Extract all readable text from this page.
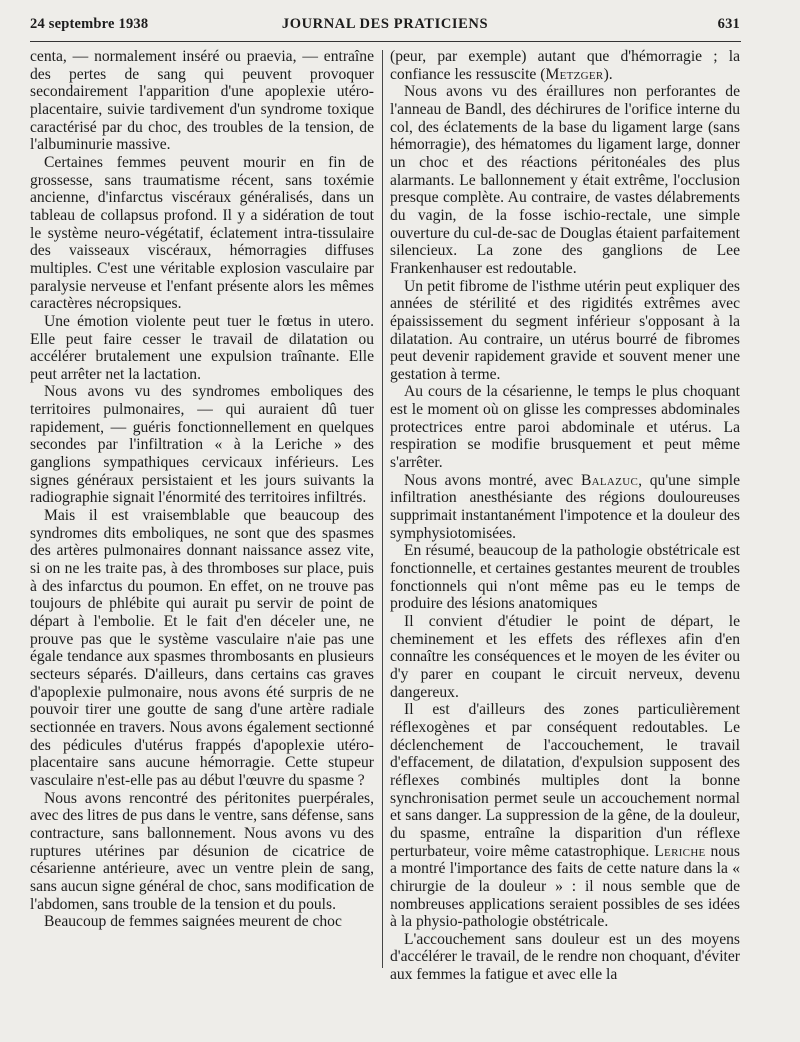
24 septembre 1938	JOURNAL DES PRATICIENS	631

centa, — normalement inséré ou praevia, — entraîne des pertes de sang qui peuvent provoquer secondairement l'apparition d'une apoplexie utéro-placentaire, suivie tardivement d'un syndrome toxique caractérisé par du choc, des troubles de la tension, de l'albuminurie massive.

Certaines femmes peuvent mourir en fin de grossesse, sans traumatisme récent, sans toxémie ancienne, d'infarctus viscéraux généralisés, dans un tableau de collapsus profond. Il y a sidération de tout le système neuro-végétatif, éclatement intra-tissulaire des vaisseaux viscéraux, hémorragies diffuses multiples. C'est une véritable explosion vasculaire par paralysie nerveuse et l'enfant présente alors les mêmes caractères nécropsiques.

Une émotion violente peut tuer le fœtus in utero. Elle peut faire cesser le travail de dilatation ou accélérer brutalement une expulsion traînante. Elle peut arrêter net la lactation.

Nous avons vu des syndromes emboliques des territoires pulmonaires, — qui auraient dû tuer rapidement, — guéris fonctionnellement en quelques secondes par l'infiltration « à la Leriche » des ganglions sympathiques cervicaux inférieurs. Les signes généraux persistaient et les jours suivants la radiographie signait l'énormité des territoires infiltrés.

Mais il est vraisemblable que beaucoup des syndromes dits emboliques, ne sont que des spasmes des artères pulmonaires donnant naissance assez vite, si on ne les traite pas, à des thromboses sur place, puis à des infarctus du poumon. En effet, on ne trouve pas toujours de phlébite qui aurait pu servir de point de départ à l'embolie. Et le fait d'en déceler une, ne prouve pas que le système vasculaire n'aie pas une égale tendance aux spasmes thrombosants en plusieurs secteurs séparés. D'ailleurs, dans certains cas graves d'apoplexie pulmonaire, nous avons été surpris de ne pouvoir tirer une goutte de sang d'une artère radiale sectionnée en travers. Nous avons également sectionné des pédicules d'utérus frappés d'apoplexie utéro-placentaire sans aucune hémorragie. Cette stupeur vasculaire n'est-elle pas au début l'œuvre du spasme ?

Nous avons rencontré des péritonites puerpérales, avec des litres de pus dans le ventre, sans défense, sans contracture, sans ballonnement. Nous avons vu des ruptures utérines par désunion de cicatrice de césarienne antérieure, avec un ventre plein de sang, sans aucun signe général de choc, sans modification de l'abdomen, sans trouble de la tension et du pouls.

Beaucoup de femmes saignées meurent de choc

(peur, par exemple) autant que d'hémorragie ; la confiance les ressuscite (Metzger).

Nous avons vu des éraillures non perforantes de l'anneau de Bandl, des déchirures de l'orifice interne du col, des éclatements de la base du ligament large (sans hémorragie), des hématomes du ligament large, donner un choc et des réactions péritonéales des plus alarmants. Le ballonnement y était extrême, l'occlusion presque complète. Au contraire, de vastes délabrements du vagin, de la fosse ischio-rectale, une simple ouverture du cul-de-sac de Douglas étaient parfaitement silencieux. La zone des ganglions de Lee Frankenhauser est redoutable.

Un petit fibrome de l'isthme utérin peut expliquer des années de stérilité et des rigidités extrêmes avec épaississement du segment inférieur s'opposant à la dilatation. Au contraire, un utérus bourré de fibromes peut devenir rapidement gravide et souvent mener une gestation à terme.

Au cours de la césarienne, le temps le plus choquant est le moment où on glisse les compresses abdominales protectrices entre paroi abdominale et utérus. La respiration se modifie brusquement et peut même s'arrêter.

Nous avons montré, avec Balazuc, qu'une simple infiltration anesthésiante des régions douloureuses supprimait instantanément l'impotence et la douleur des symphysiotomisées.

En résumé, beaucoup de la pathologie obstétricale est fonctionnelle, et certaines gestantes meurent de troubles fonctionnels qui n'ont même pas eu le temps de produire des lésions anatomiques

Il convient d'étudier le point de départ, le cheminement et les effets des réflexes afin d'en connaître les conséquences et le moyen de les éviter ou d'y parer en coupant le circuit nerveux, devenu dangereux.

Il est d'ailleurs des zones particulièrement réflexogènes et par conséquent redoutables. Le déclenchement de l'accouchement, le travail d'effacement, de dilatation, d'expulsion supposent des réflexes combinés multiples dont la bonne synchronisation permet seule un accouchement normal et sans danger. La suppression de la gêne, de la douleur, du spasme, entraîne la disparition d'un réflexe perturbateur, voire même catastrophique. Leriche nous a montré l'importance des faits de cette nature dans la « chirurgie de la douleur » : il nous semble que de nombreuses applications seraient possibles de ses idées à la physio-pathologie obstétricale.

L'accouchement sans douleur est un des moyens d'accélérer le travail, de le rendre non choquant, d'éviter aux femmes la fatigue et avec elle la
